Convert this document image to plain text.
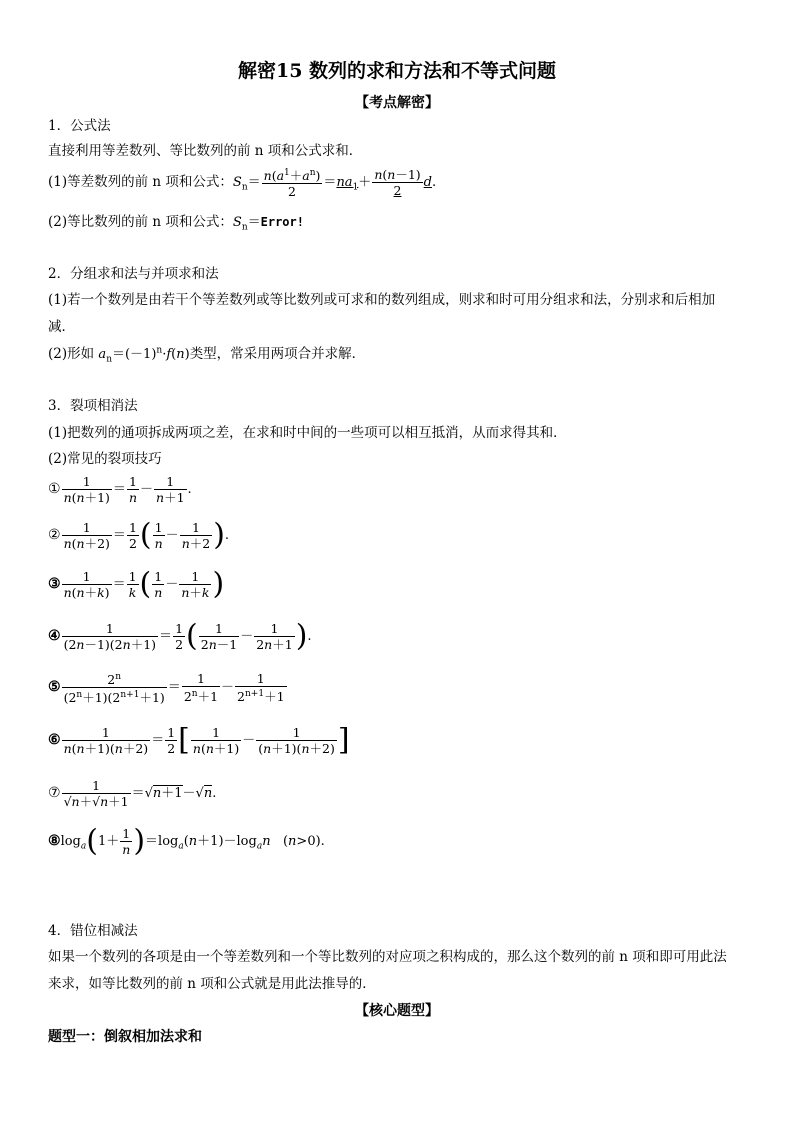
解密15 数列的求和方法和不等式问题
【考点解密】
1．公式法
直接利用等差数列、等比数列的前 n 项和公式求和．
(1)等差数列的前 n 项和公式：$S_n= \frac{n(a^1+a^n)}{2} =na_1+ \frac{n(n-1)}{2} d$.
(2)等比数列的前 n 项和公式：$S_n=Error$!
2．分组求和法与并项求和法
(1)若一个数列是由若干个等差数列或等比数列或可求和的数列组成，则求和时可用分组求和法，分别求和后相加
减．
(2)形如 $a_n=(-1)^n\cdot f(n)$类型，常采用两项合并求解．
3．裂项相消法
(1)把数列的通项拆成两项之差，在求和时中间的一些项可以相互抵消，从而求得其和．
(2)常见的裂项技巧
① $\frac{1}{n(n+1)} = \frac{1}{n} - \frac{1}{n+1}$ .
② $\frac{1}{n(n+2)} = \frac{1}{2}$ ( $\frac{1}{n} - \frac{1}{n+2}$ ).
③ $\frac{1}{n(n+k)} = \frac{1}{k}$ ( $\frac{1}{n} - \frac{1}{n+k}$ )
④ $\frac{1}{(2n-1)(2n+1)} = \frac{1}{2}$ ( $\frac{1}{2n-1} - \frac{1}{2n+1}$ ).
⑤ $\frac{2^n}{(2^n+1)(2^{n+1}+1)} = \frac{1}{2^n+1} - \frac{1}{2^{n+1}+1}$
⑥ $\frac{1}{n(n+1)(n+2)} = \frac{1}{2}$ [ $\frac{1}{n(n+1)} - \frac{1}{(n+1)(n+2)}$ ]
⑦ $\frac{1}{√n+√n+1} =√n+1-√n$.
$⑧\log_a(1+ \frac{1}{n} )=\log_a(n+1)-\log_an$   (n>0).
4．错位相减法
如果一个数列的各项是由一个等差数列和一个等比数列的对应项之积构成的，那么这个数列的前 n 项和即可用此法
来求，如等比数列的前 n 项和公式就是用此法推导的．
【核心题型】
题型一：倒叙相加法求和
